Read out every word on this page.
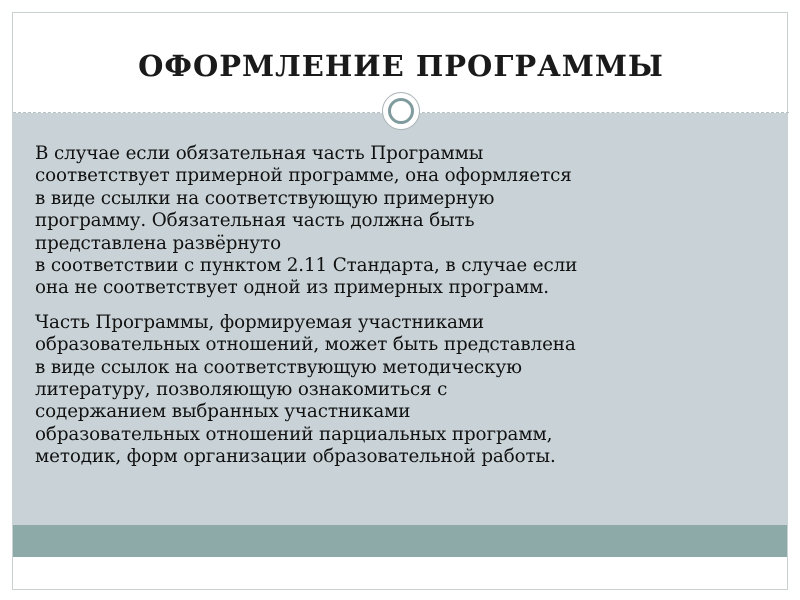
ОФОРМЛЕНИЕ ПРОГРАММЫ

В случае если обязательная часть Программы
соответствует примерной программе, она оформляется
в виде ссылки на соответствующую примерную
программу. Обязательная часть должна быть
представлена развёрнуто
в соответствии с пунктом 2.11 Стандарта, в случае если
она не соответствует одной из примерных программ.

Часть Программы, формируемая участниками
образовательных отношений, может быть представлена
в виде ссылок на соответствующую методическую
литературу, позволяющую ознакомиться с
содержанием выбранных участниками
образовательных отношений парциальных программ,
методик, форм организации образовательной работы.
